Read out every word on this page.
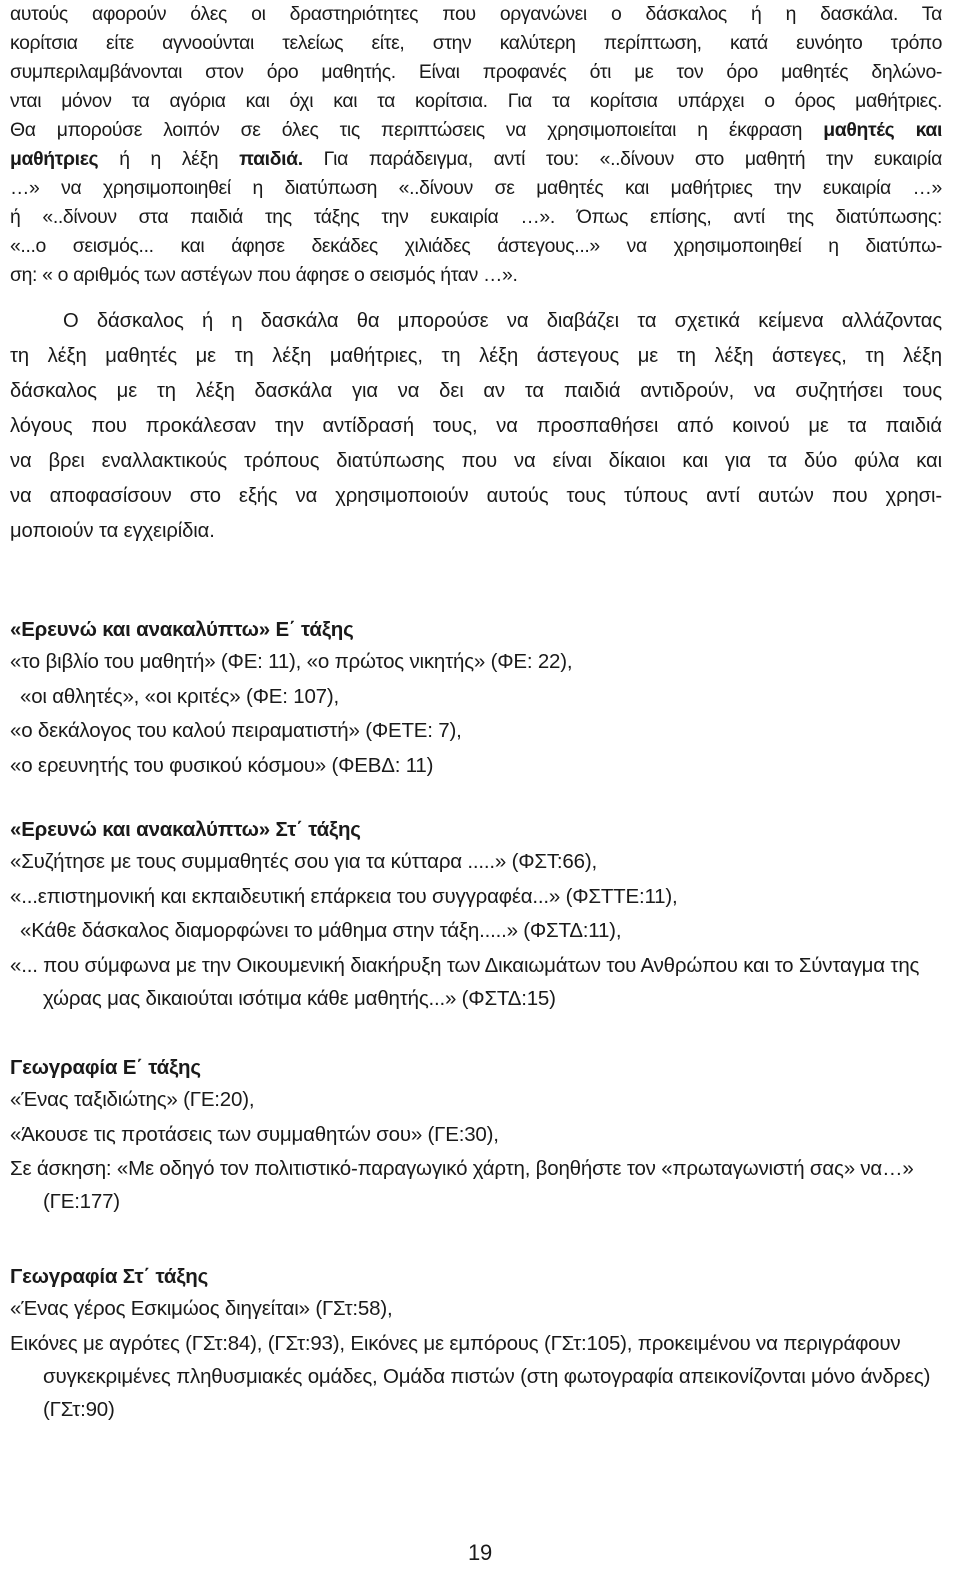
αυτούς αφορούν όλες οι δραστηριότητες που οργανώνει ο δάσκαλος ή η δασκάλα. Τα
κορίτσια είτε αγνοούνται τελείως είτε, στην καλύτερη περίπτωση, κατά ευνόητο τρόπο
συμπεριλαμβάνονται στον όρο μαθητής. Είναι προφανές ότι με τον όρο μαθητές δηλώνο-
νται μόνον τα αγόρια και όχι και τα κορίτσια. Για τα κορίτσια υπάρχει ο όρος μαθήτριες.
Θα μπορούσε λοιπόν σε όλες τις περιπτώσεις να χρησιμοποιείται η έκφραση μαθητές και
μαθήτριες ή η λέξη παιδιά. Για παράδειγμα, αντί του: «..δίνουν στο μαθητή την ευκαιρία
…» να χρησιμοποιηθεί η διατύπωση «..δίνουν σε μαθητές και μαθήτριες την ευκαιρία …»
ή «..δίνουν στα παιδιά της τάξης την ευκαιρία …». Όπως επίσης, αντί της διατύπωσης:
«...ο σεισμός... και άφησε δεκάδες χιλιάδες άστεγους...» να χρησιμοποιηθεί η διατύπω-
ση: « ο αριθμός των αστέγων που άφησε ο σεισμός ήταν …».
Ο δάσκαλος ή η δασκάλα θα μπορούσε να διαβάζει τα σχετικά κείμενα αλλάζοντας
τη λέξη μαθητές με τη λέξη μαθήτριες, τη λέξη άστεγους με τη λέξη άστεγες, τη λέξη
δάσκαλος με τη λέξη δασκάλα για να δει αν τα παιδιά αντιδρούν, να συζητήσει τους
λόγους που προκάλεσαν την αντίδρασή τους, να προσπαθήσει από κοινού με τα παιδιά
να βρει εναλλακτικούς τρόπους διατύπωσης που να είναι δίκαιοι και για τα δύο φύλα και
να αποφασίσουν στο εξής να χρησιμοποιούν αυτούς τους τύπους αντί αυτών που χρησι-
μοποιούν τα εγχειρίδια.
«Ερευνώ και ανακαλύπτω» Ε΄ τάξης
«το βιβλίο του μαθητή» (ΦΕ: 11), «ο πρώτος νικητής» (ΦΕ: 22),
«οι αθλητές», «οι κριτές» (ΦΕ: 107),
«ο δεκάλογος του καλού πειραματιστή» (ΦΕΤΕ: 7),
«ο ερευνητής του φυσικού κόσμου» (ΦΕΒΔ: 11)
«Ερευνώ και ανακαλύπτω» Στ΄ τάξης
«Συζήτησε με τους συμμαθητές σου για τα κύτταρα .....» (ΦΣΤ:66),
«...επιστημονική και εκπαιδευτική επάρκεια του συγγραφέα...» (ΦΣΤΤΕ:11),
«Κάθε δάσκαλος διαμορφώνει το μάθημα στην τάξη.....» (ΦΣΤΔ:11),
«... που σύμφωνα με την Οικουμενική διακήρυξη των Δικαιωμάτων του Ανθρώπου και το Σύνταγμα της χώρας μας δικαιούται ισότιμα κάθε μαθητής...» (ΦΣΤΔ:15)
Γεωγραφία Ε΄ τάξης
«Ένας ταξιδιώτης» (ΓΕ:20),
«Άκουσε τις προτάσεις των συμμαθητών σου» (ΓΕ:30),
Σε άσκηση: «Με οδηγό τον πολιτιστικό-παραγωγικό χάρτη, βοηθήστε τον «πρωταγωνιστή σας» να…» (ΓΕ:177)
Γεωγραφία Στ΄ τάξης
«Ένας γέρος Εσκιμώος διηγείται» (ΓΣτ:58),
Εικόνες με αγρότες (ΓΣτ:84), (ΓΣτ:93), Εικόνες με εμπόρους (ΓΣτ:105), προκειμένου να περιγράφουν συγκεκριμένες πληθυσμιακές ομάδες, Ομάδα πιστών (στη φωτογραφία απεικονίζονται μόνο άνδρες) (ΓΣτ:90)
19
